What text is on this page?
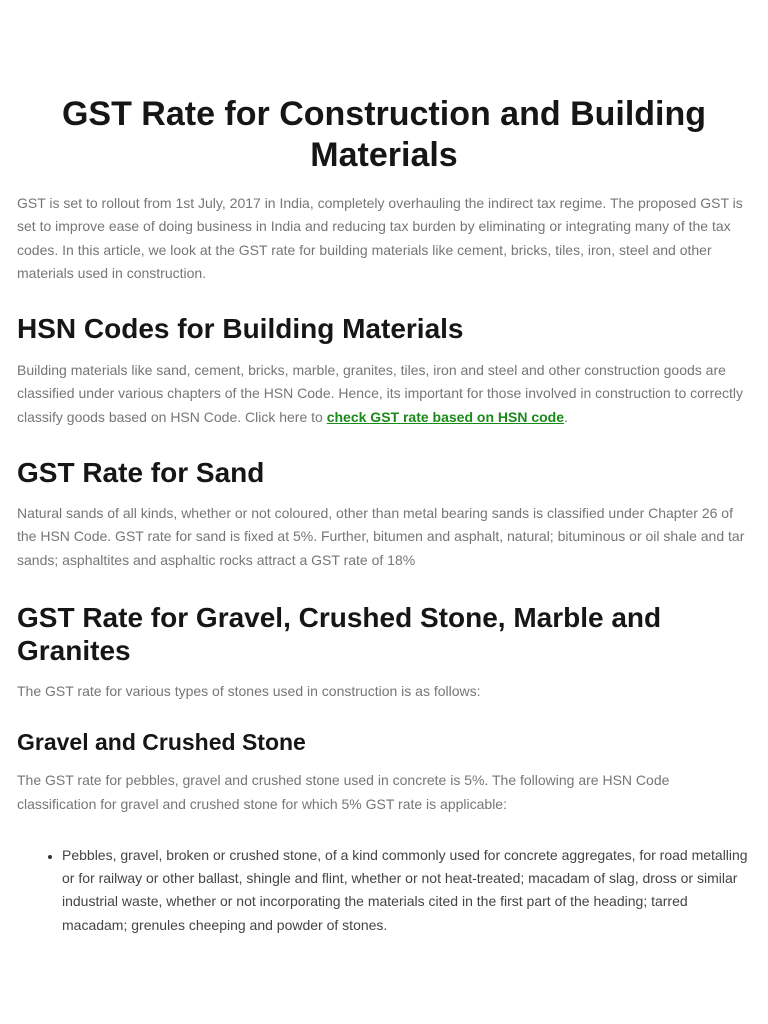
GST Rate for Construction and Building Materials

GST is set to rollout from 1st July, 2017 in India, completely overhauling the indirect tax regime. The proposed GST is set to improve ease of doing business in India and reducing tax burden by eliminating or integrating many of the tax codes. In this article, we look at the GST rate for building materials like cement, bricks, tiles, iron, steel and other materials used in construction.

HSN Codes for Building Materials

Building materials like sand, cement, bricks, marble, granites, tiles, iron and steel and other construction goods are classified under various chapters of the HSN Code. Hence, its important for those involved in construction to correctly classify goods based on HSN Code. Click here to check GST rate based on HSN code.

GST Rate for Sand

Natural sands of all kinds, whether or not coloured, other than metal bearing sands is classified under Chapter 26 of the HSN Code. GST rate for sand is fixed at 5%. Further, bitumen and asphalt, natural; bituminous or oil shale and tar sands; asphaltites and asphaltic rocks attract a GST rate of 18%

GST Rate for Gravel, Crushed Stone, Marble and Granites

The GST rate for various types of stones used in construction is as follows:

Gravel and Crushed Stone

The GST rate for pebbles, gravel and crushed stone used in concrete is 5%. The following are HSN Code classification for gravel and crushed stone for which 5% GST rate is applicable:

• Pebbles, gravel, broken or crushed stone, of a kind commonly used for concrete aggregates, for road metalling or for railway or other ballast, shingle and flint, whether or not heat-treated; macadam of slag, dross or similar industrial waste, whether or not incorporating the materials cited in the first part of the heading; tarred macadam; grenules cheeping and powder of stones.
